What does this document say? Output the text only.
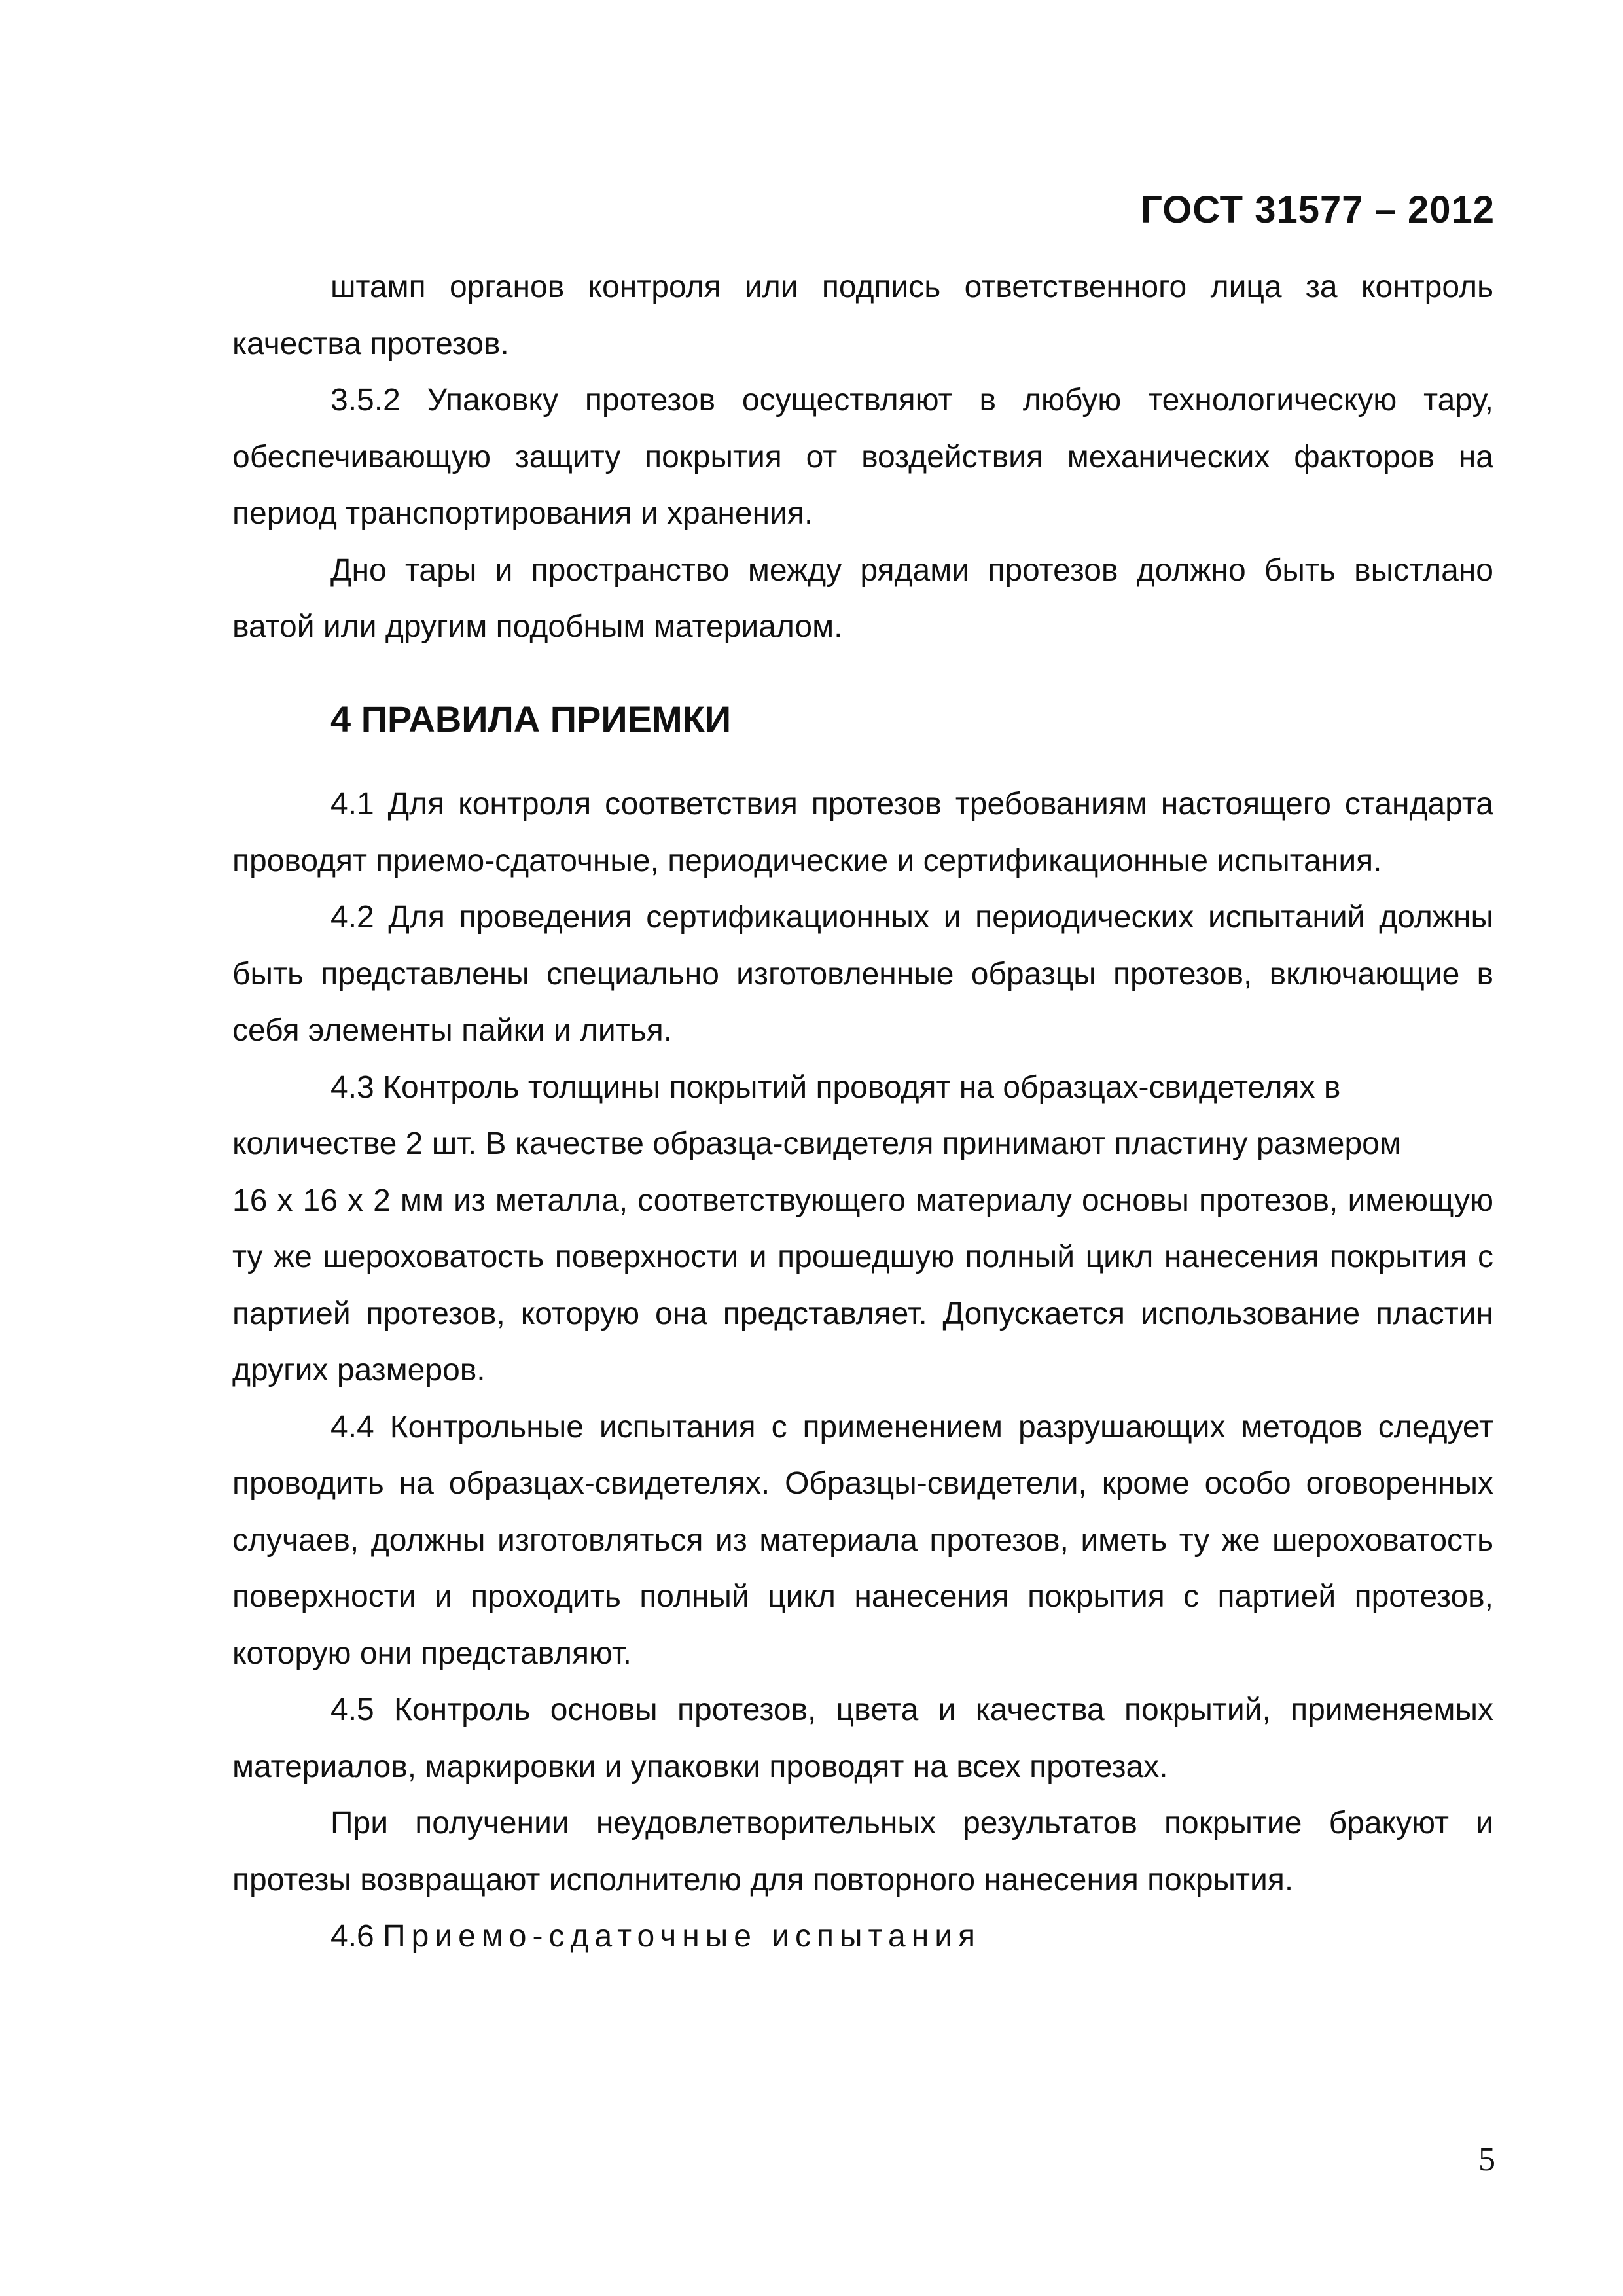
ГОСТ 31577 – 2012

штамп органов контроля или подпись ответственного лица за контроль качества протезов.

3.5.2 Упаковку протезов осуществляют в любую технологическую тару, обеспечивающую защиту покрытия от воздействия механических факторов на период транспортирования и хранения.

Дно тары и пространство между рядами протезов должно быть выстлано ватой или другим подобным материалом.

4 ПРАВИЛА ПРИЕМКИ

4.1 Для контроля соответствия протезов требованиям настоящего стандарта проводят приемо-сдаточные, периодические и сертификационные испытания.

4.2 Для проведения сертификационных и периодических испытаний должны быть представлены специально изготовленные образцы протезов, включающие в себя элементы пайки и литья.

4.3 Контроль толщины покрытий проводят на образцах-свидетелях в количестве 2 шт. В качестве образца-свидетеля принимают пластину размером

16 х 16 х 2 мм из металла, соответствующего материалу основы протезов, имеющую ту же шероховатость поверхности и прошедшую полный цикл нанесения покрытия с партией протезов, которую она представляет. Допускается использование пластин других размеров.

4.4 Контрольные испытания с применением разрушающих методов следует проводить на образцах-свидетелях. Образцы-свидетели, кроме особо оговоренных случаев, должны изготовляться из материала протезов, иметь ту же шероховатость поверхности и проходить полный цикл нанесения покрытия с партией протезов, которую они представляют.

4.5 Контроль основы протезов, цвета и качества покрытий, применяемых материалов, маркировки и упаковки проводят на всех протезах.

При получении неудовлетворительных результатов покрытие бракуют и протезы возвращают исполнителю для повторного нанесения покрытия.

4.6 Приемо-сдаточные испытания

5
